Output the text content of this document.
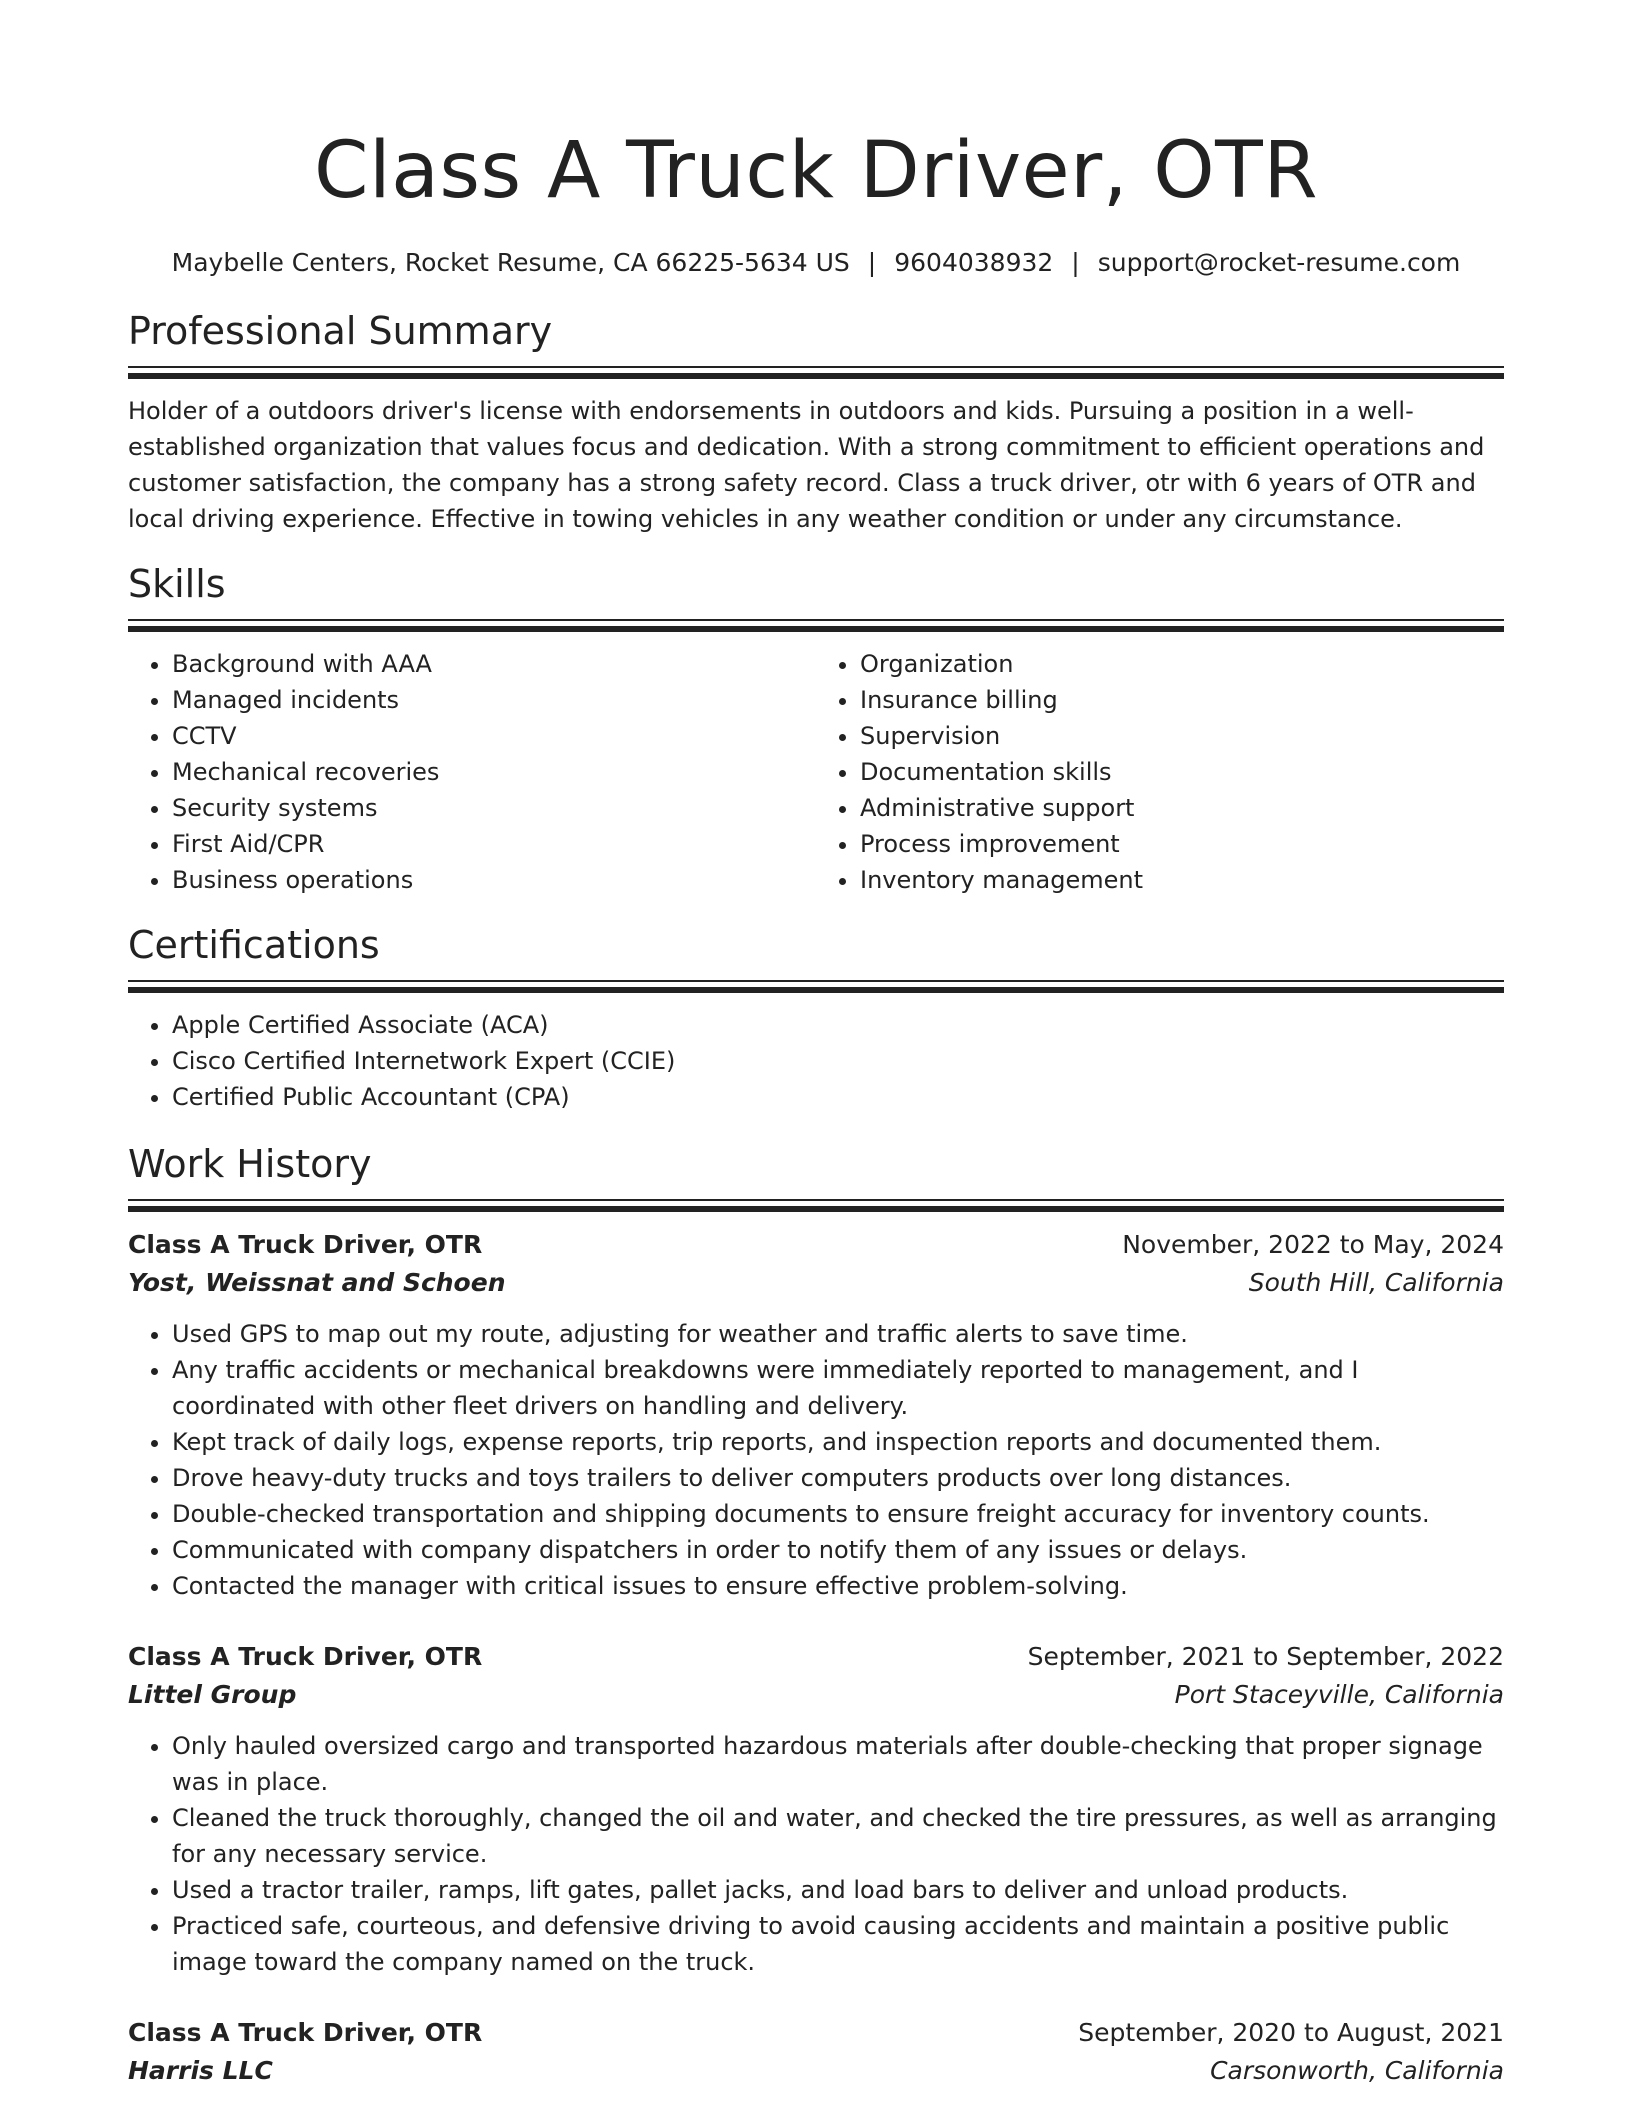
Class A Truck Driver, OTR
Maybelle Centers, Rocket Resume, CA 66225-5634 US | 9604038932 | support@rocket-resume.com
Professional Summary

Holder of a outdoors driver's license with endorsements in outdoors and kids. Pursuing a position in a well-established organization that values focus and dedication. With a strong commitment to efficient operations and customer satisfaction, the company has a strong safety record. Class a truck driver, otr with 6 years of OTR and local driving experience. Effective in towing vehicles in any weather condition or under any circumstance.

Skills
• Background with AAA
• Managed incidents
• CCTV
• Mechanical recoveries
• Security systems
• First Aid/CPR
• Business operations
• Organization
• Insurance billing
• Supervision
• Documentation skills
• Administrative support
• Process improvement
• Inventory management
Certifications
• Apple Certified Associate (ACA)
• Cisco Certified Internetwork Expert (CCIE)
• Certified Public Accountant (CPA)
Work History
Class A Truck Driver, OTR	November, 2022 to May, 2024
Yost, Weissnat and Schoen	South Hill, California
• Used GPS to map out my route, adjusting for weather and traffic alerts to save time.
• Any traffic accidents or mechanical breakdowns were immediately reported to management, and I coordinated with other fleet drivers on handling and delivery.
• Kept track of daily logs, expense reports, trip reports, and inspection reports and documented them.
• Drove heavy-duty trucks and toys trailers to deliver computers products over long distances.
• Double-checked transportation and shipping documents to ensure freight accuracy for inventory counts.
• Communicated with company dispatchers in order to notify them of any issues or delays.
• Contacted the manager with critical issues to ensure effective problem-solving.
Class A Truck Driver, OTR	September, 2021 to September, 2022
Littel Group	Port Staceyville, California
• Only hauled oversized cargo and transported hazardous materials after double-checking that proper signage was in place.
• Cleaned the truck thoroughly, changed the oil and water, and checked the tire pressures, as well as arranging for any necessary service.
• Used a tractor trailer, ramps, lift gates, pallet jacks, and load bars to deliver and unload products.
• Practiced safe, courteous, and defensive driving to avoid causing accidents and maintain a positive public image toward the company named on the truck.
Class A Truck Driver, OTR	September, 2020 to August, 2021
Harris LLC	Carsonworth, California
